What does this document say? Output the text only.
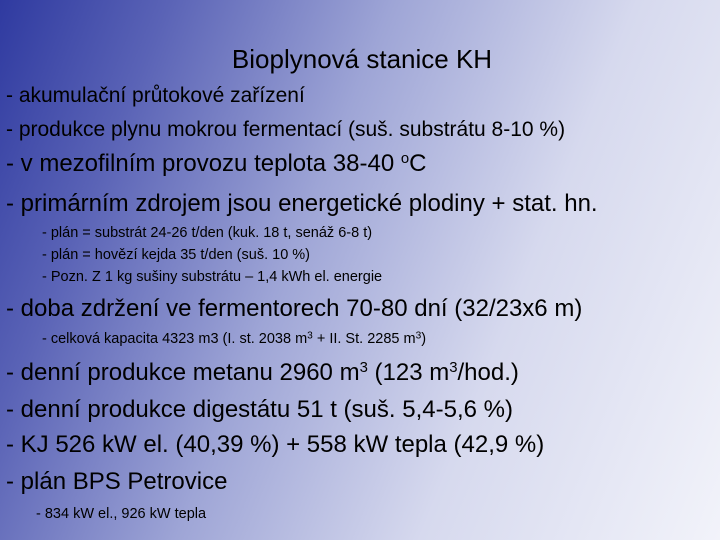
Bioplynová stanice KH
- akumulační průtokové zařízení
- produkce plynu mokrou fermentací (suš. substrátu 8-10 %)
- v mezofilním provozu teplota 38-40 $^o$C
- primárním zdrojem jsou energetické plodiny + stat. hn.
- plán = substrát 24-26 t/den (kuk. 18 t, senáž 6-8 t)
- plán = hovězí kejda 35 t/den (suš. 10 %)
- Pozn. Z 1 kg sušiny substrátu – 1,4 kWh el. energie
- doba zdržení ve fermentorech 70-80 dní (32/23x6 m)
- celková kapacita 4323 m3 (I. st. 2038 $m^3$ + II. St. 2285 $m^3$)
- denní produkce metanu 2960 $m^3$ (123 $m^3/hod$.)
- denní produkce digestátu 51 t (suš. 5,4-5,6 %)
- KJ 526 kW el. (40,39 %) + 558 kW tepla (42,9 %)
- plán BPS Petrovice
- 834 kW el., 926 kW tepla
